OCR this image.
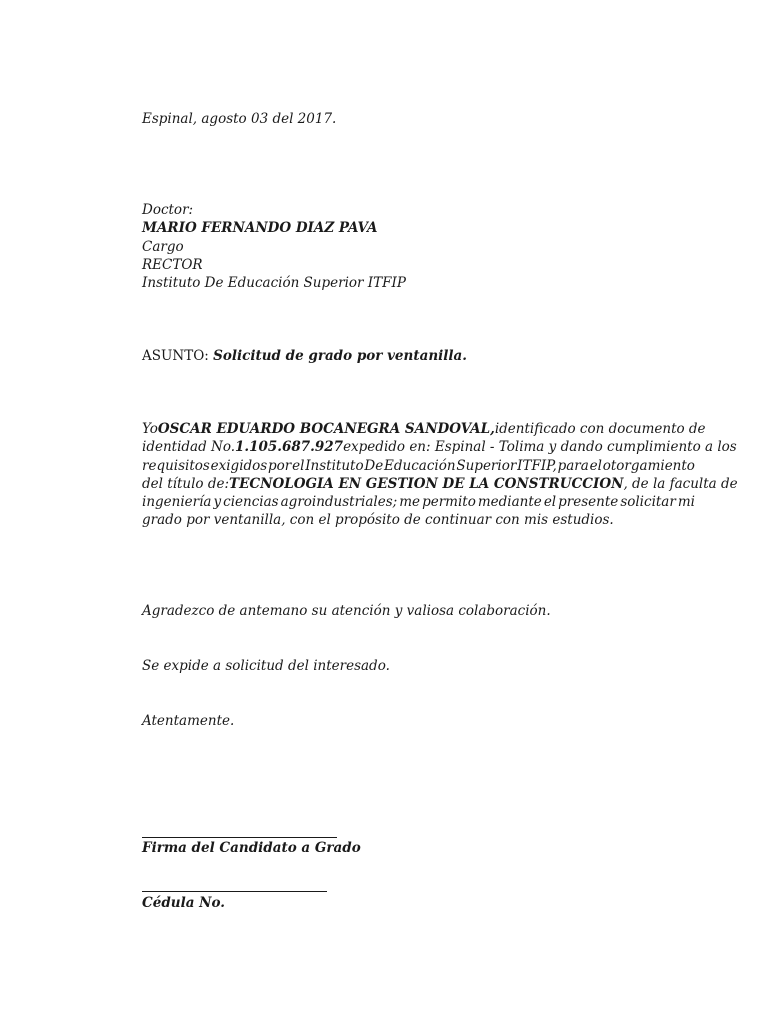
Espinal, agosto 03 del 2017.
Doctor:
MARIO FERNANDO DIAZ PAVA
Cargo
RECTOR
Instituto De Educación Superior ITFIP
ASUNTO: Solicitud de grado por ventanilla.
Yo OSCAR EDUARDO BOCANEGRA SANDOVAL, identificado con documento de
identidad No. 1.105.687.927 expedido en: Espinal - Tolima y dando cumplimiento a los
requisitos exigidos por el Instituto De Educación Superior ITFIP, para el otorgamiento
del título de: TECNOLOGIA EN GESTION DE LA CONSTRUCCION , de la faculta de
ingeniería y ciencias agroindustriales; me permito mediante el presente solicitar mi
grado por ventanilla, con el propósito de continuar con mis estudios.
Agradezco de antemano su atención y valiosa colaboración.
Se expide a solicitud del interesado.
Atentamente.
Firma del Candidato a Grado
Cédula No.
